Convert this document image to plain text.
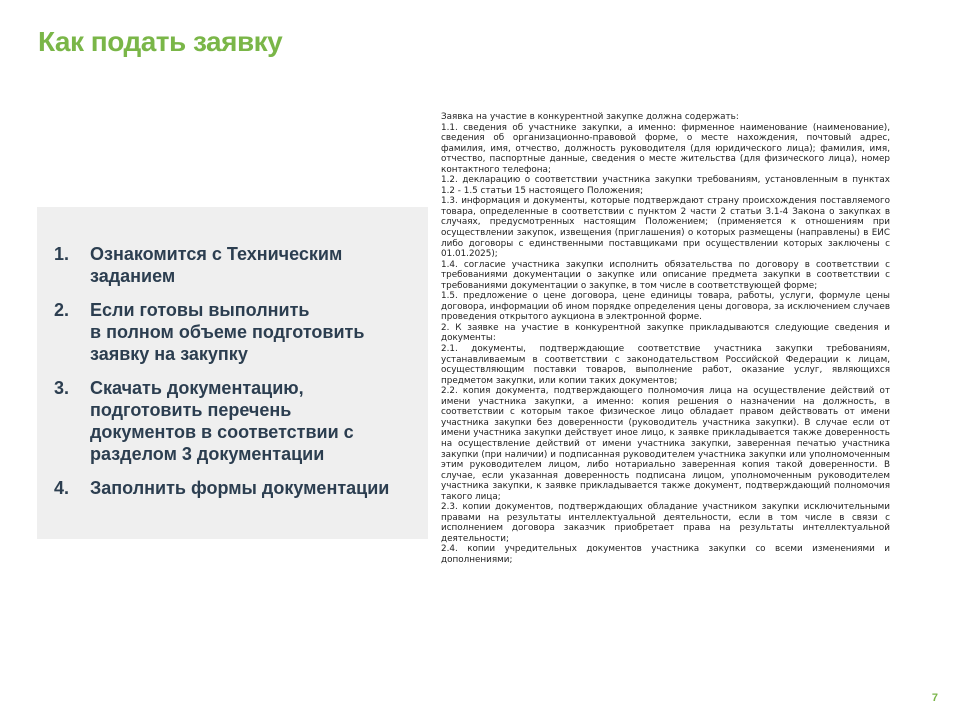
Как подать заявку
1.	Ознакомится с Техническим
заданием
2.	Если готовы выполнить
в полном объеме подготовить
заявку на закупку
3.	Скачать документацию,
подготовить перечень
документов в соответствии с
разделом 3 документации
4.	Заполнить формы документации

Заявка на участие в конкурентной закупке должна содержать:

1.1. сведения об участнике закупки, а именно: фирменное наименование (наименование), сведения об организационно-правовой форме, о месте нахождения, почтовый адрес, фамилия, имя, отчество, должность руководителя (для юридического лица); фамилия, имя, отчество, паспортные данные, сведения о месте жительства (для физического лица), номер контактного телефона;

1.2. декларацию о соответствии участника закупки требованиям, установленным в пунктах 1.2 - 1.5 статьи 15 настоящего Положения;

1.3. информация и документы, которые подтверждают страну происхождения поставляемого товара, определенные в соответствии с пунктом 2 части 2 статьи 3.1-4 Закона о закупках в случаях, предусмотренных настоящим Положением; (применяется к отношениям при осуществлении закупок, извещения (приглашения) о которых размещены (направлены) в ЕИС либо договоры с единственными поставщиками при осуществлении которых заключены с 01.01.2025);

1.4. согласие участника закупки исполнить обязательства по договору в соответствии с требованиями документации о закупке или описание предмета закупки в соответствии с требованиями документации о закупке, в том числе в соответствующей форме;

1.5. предложение о цене договора, цене единицы товара, работы, услуги, формуле цены договора, информации об ином порядке определения цены договора, за исключением случаев проведения открытого аукциона в электронной форме.

2. К заявке на участие в конкурентной закупке прикладываются следующие сведения и документы:

2.1. документы, подтверждающие соответствие участника закупки требованиям, устанавливаемым в соответствии с законодательством Российской Федерации к лицам, осуществляющим поставки товаров, выполнение работ, оказание услуг, являющихся предметом закупки, или копии таких документов;

2.2. копия документа, подтверждающего полномочия лица на осуществление действий от имени участника закупки, а именно: копия решения о назначении на должность, в соответствии с которым такое физическое лицо обладает правом действовать от имени участника закупки без доверенности (руководитель участника закупки). В случае если от имени участника закупки действует иное лицо, к заявке прикладывается также доверенность на осуществление действий от имени участника закупки, заверенная печатью участника закупки (при наличии) и подписанная руководителем участника закупки или уполномоченным этим руководителем лицом, либо нотариально заверенная копия такой доверенности. В случае, если указанная доверенность подписана лицом, уполномоченным руководителем участника закупки, к заявке прикладывается также документ, подтверждающий полномочия такого лица;

2.3. копии документов, подтверждающих обладание участником закупки исключительными правами на результаты интеллектуальной деятельности, если в том числе в связи с исполнением договора заказчик приобретает права на результаты интеллектуальной деятельности;

2.4. копии учредительных документов участника закупки со всеми изменениями и дополнениями;

7
